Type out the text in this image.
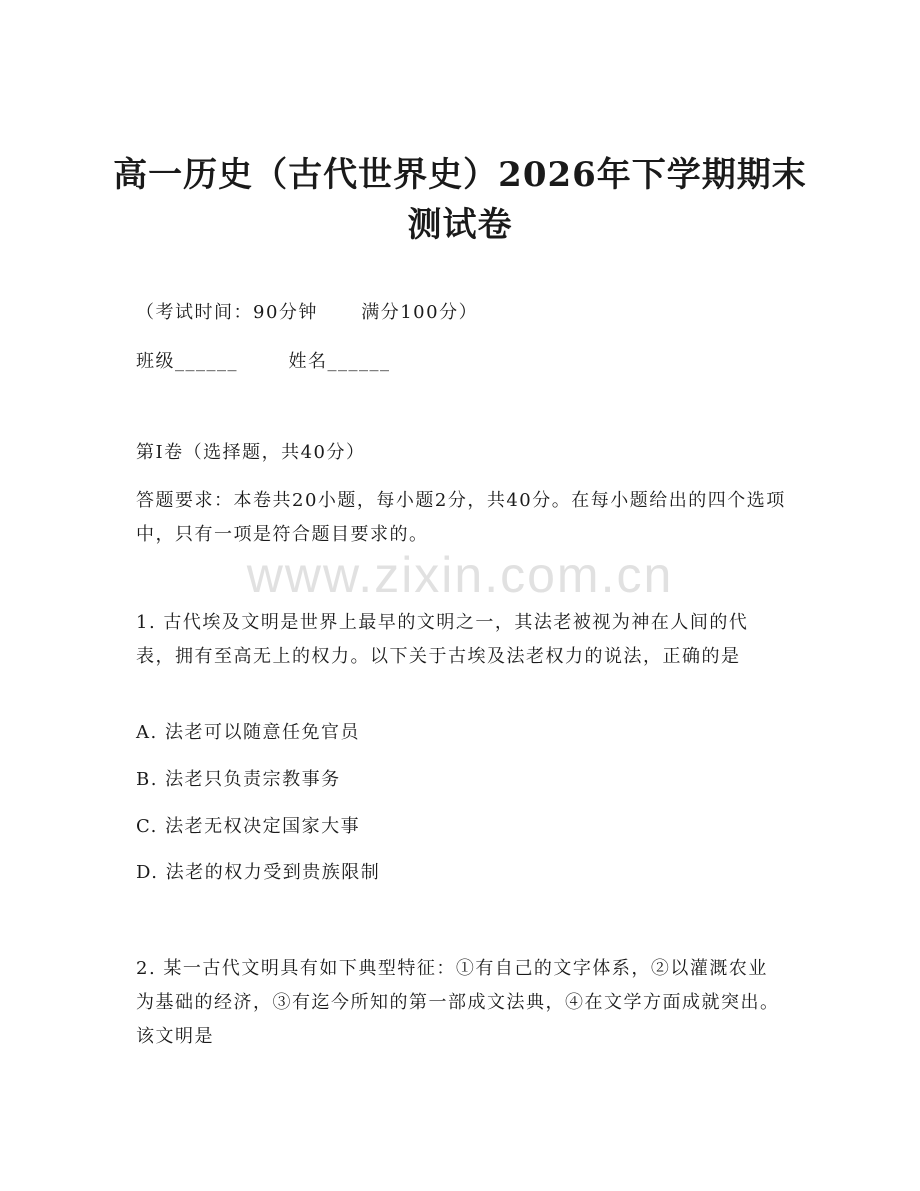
高一历史（古代世界史）2026年下学期期末
测试卷
（考试时间：90分钟      满分100分）
班级______       姓名______
第Ⅰ卷（选择题，共40分）
答题要求：本卷共20小题，每小题2分，共40分。在每小题给出的四个选项中，只有一项是符合题目要求的。
1. 古代埃及文明是世界上最早的文明之一，其法老被视为神在人间的代表，拥有至高无上的权力。以下关于古埃及法老权力的说法，正确的是
A. 法老可以随意任免官员
B. 法老只负责宗教事务
C. 法老无权决定国家大事
D. 法老的权力受到贵族限制
2. 某一古代文明具有如下典型特征：①有自己的文字体系，②以灌溉农业为基础的经济，③有迄今所知的第一部成文法典，④在文学方面成就突出。该文明是
www.zixin.com.cn
